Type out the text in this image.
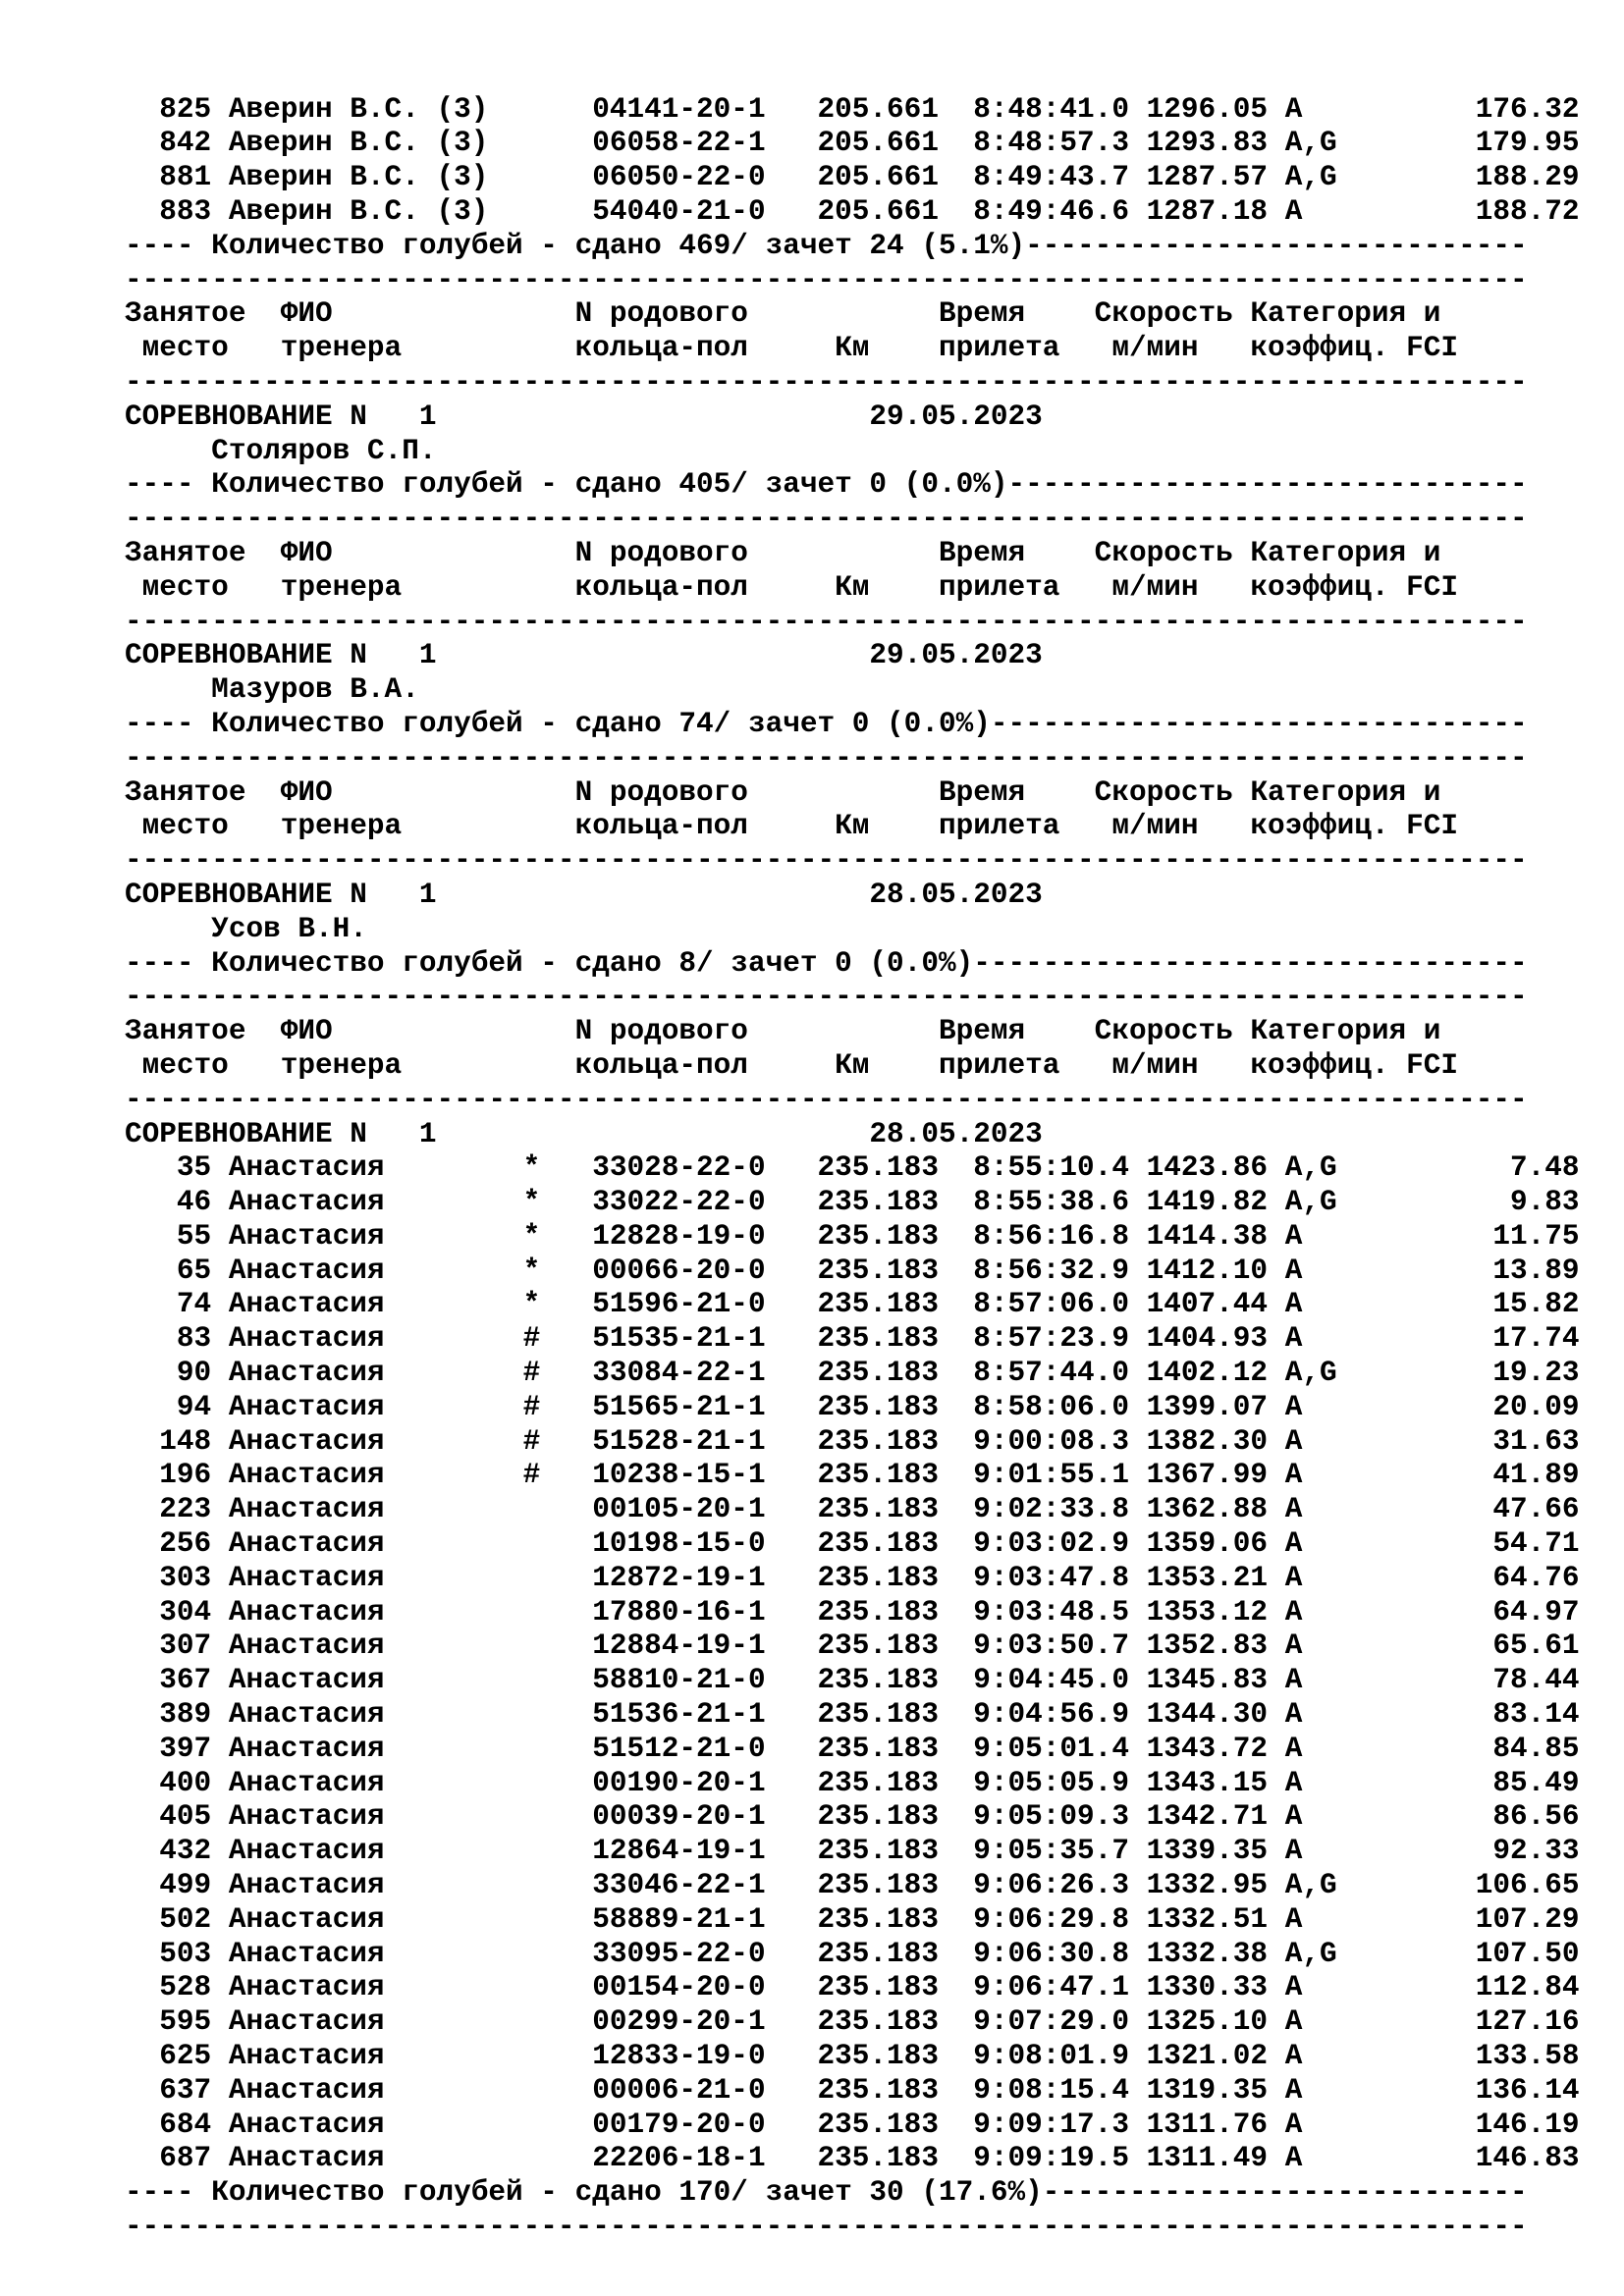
825 Аверин В.С. (3)      04141-20-1   205.661  8:48:41.0 1296.05 A          176.32
842 Аверин В.С. (3)      06058-22-1   205.661  8:48:57.3 1293.83 A,G        179.95
881 Аверин В.С. (3)      06050-22-0   205.661  8:49:43.7 1287.57 A,G        188.29
883 Аверин В.С. (3)      54040-21-0   205.661  8:49:46.6 1287.18 A          188.72
---- Количество голубей - сдано 469/ зачет 24 (5.1%)-----------------------------
---------------------------------------------------------------------------------
Занятое  ФИО              N родового           Время    Скорость Категория и
место   тренера          кольца-пол     Км    прилета   м/мин   коэффиц. FCI
---------------------------------------------------------------------------------
СОРЕВНОВАНИЕ N   1                         29.05.2023
Столяров С.П.
---- Количество голубей - сдано 405/ зачет 0 (0.0%)------------------------------
---------------------------------------------------------------------------------
Занятое  ФИО              N родового           Время    Скорость Категория и
место   тренера          кольца-пол     Км    прилета   м/мин   коэффиц. FCI
---------------------------------------------------------------------------------
СОРЕВНОВАНИЕ N   1                         29.05.2023
Мазуров В.А.
---- Количество голубей - сдано 74/ зачет 0 (0.0%)-------------------------------
---------------------------------------------------------------------------------
Занятое  ФИО              N родового           Время    Скорость Категория и
место   тренера          кольца-пол     Км    прилета   м/мин   коэффиц. FCI
---------------------------------------------------------------------------------
СОРЕВНОВАНИЕ N   1                         28.05.2023
Усов В.Н.
---- Количество голубей - сдано 8/ зачет 0 (0.0%)--------------------------------
---------------------------------------------------------------------------------
Занятое  ФИО              N родового           Время    Скорость Категория и
место   тренера          кольца-пол     Км    прилета   м/мин   коэффиц. FCI
---------------------------------------------------------------------------------
СОРЕВНОВАНИЕ N   1                         28.05.2023
35 Анастасия        *   33028-22-0   235.183  8:55:10.4 1423.86 A,G          7.48
46 Анастасия        *   33022-22-0   235.183  8:55:38.6 1419.82 A,G          9.83
55 Анастасия        *   12828-19-0   235.183  8:56:16.8 1414.38 A           11.75
65 Анастасия        *   00066-20-0   235.183  8:56:32.9 1412.10 A           13.89
74 Анастасия        *   51596-21-0   235.183  8:57:06.0 1407.44 A           15.82
83 Анастасия        #   51535-21-1   235.183  8:57:23.9 1404.93 A           17.74
90 Анастасия        #   33084-22-1   235.183  8:57:44.0 1402.12 A,G         19.23
94 Анастасия        #   51565-21-1   235.183  8:58:06.0 1399.07 A           20.09
148 Анастасия        #   51528-21-1   235.183  9:00:08.3 1382.30 A           31.63
196 Анастасия        #   10238-15-1   235.183  9:01:55.1 1367.99 A           41.89
223 Анастасия            00105-20-1   235.183  9:02:33.8 1362.88 A           47.66
256 Анастасия            10198-15-0   235.183  9:03:02.9 1359.06 A           54.71
303 Анастасия            12872-19-1   235.183  9:03:47.8 1353.21 A           64.76
304 Анастасия            17880-16-1   235.183  9:03:48.5 1353.12 A           64.97
307 Анастасия            12884-19-1   235.183  9:03:50.7 1352.83 A           65.61
367 Анастасия            58810-21-0   235.183  9:04:45.0 1345.83 A           78.44
389 Анастасия            51536-21-1   235.183  9:04:56.9 1344.30 A           83.14
397 Анастасия            51512-21-0   235.183  9:05:01.4 1343.72 A           84.85
400 Анастасия            00190-20-1   235.183  9:05:05.9 1343.15 A           85.49
405 Анастасия            00039-20-1   235.183  9:05:09.3 1342.71 A           86.56
432 Анастасия            12864-19-1   235.183  9:05:35.7 1339.35 A           92.33
499 Анастасия            33046-22-1   235.183  9:06:26.3 1332.95 A,G        106.65
502 Анастасия            58889-21-1   235.183  9:06:29.8 1332.51 A          107.29
503 Анастасия            33095-22-0   235.183  9:06:30.8 1332.38 A,G        107.50
528 Анастасия            00154-20-0   235.183  9:06:47.1 1330.33 A          112.84
595 Анастасия            00299-20-1   235.183  9:07:29.0 1325.10 A          127.16
625 Анастасия            12833-19-0   235.183  9:08:01.9 1321.02 A          133.58
637 Анастасия            00006-21-0   235.183  9:08:15.4 1319.35 A          136.14
684 Анастасия            00179-20-0   235.183  9:09:17.3 1311.76 A          146.19
687 Анастасия            22206-18-1   235.183  9:09:19.5 1311.49 A          146.83
---- Количество голубей - сдано 170/ зачет 30 (17.6%)----------------------------
---------------------------------------------------------------------------------
